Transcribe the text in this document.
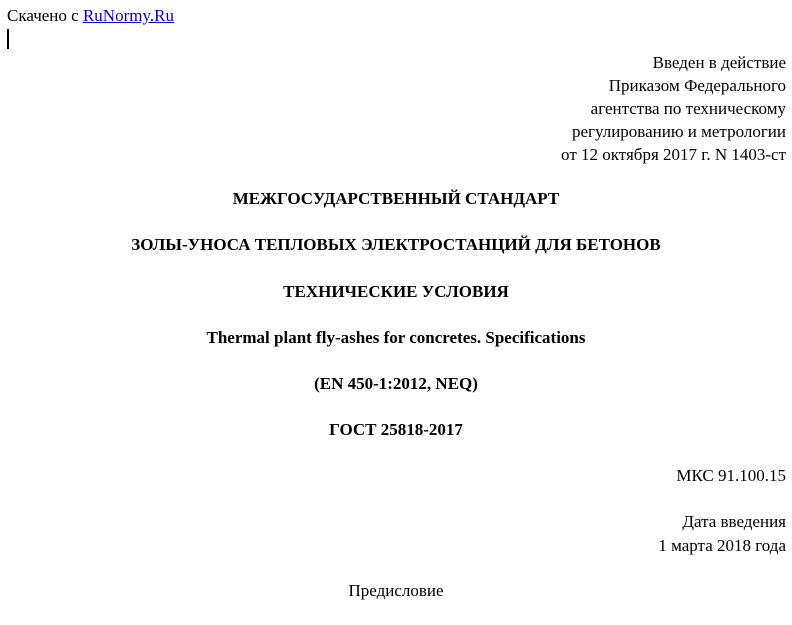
Скачено с RuNormy.Ru
Введен в действие
Приказом Федерального
агентства по техническому
регулированию и метрологии
от 12 октября 2017 г. N 1403-ст
МЕЖГОСУДАРСТВЕННЫЙ СТАНДАРТ
ЗОЛЫ-УНОСА ТЕПЛОВЫХ ЭЛЕКТРОСТАНЦИЙ ДЛЯ БЕТОНОВ
ТЕХНИЧЕСКИЕ УСЛОВИЯ
Thermal plant fly-ashes for concretes. Specifications
(EN 450-1:2012, NEQ)
ГОСТ 25818-2017
МКС 91.100.15
Дата введения
1 марта 2018 года
Предисловие
